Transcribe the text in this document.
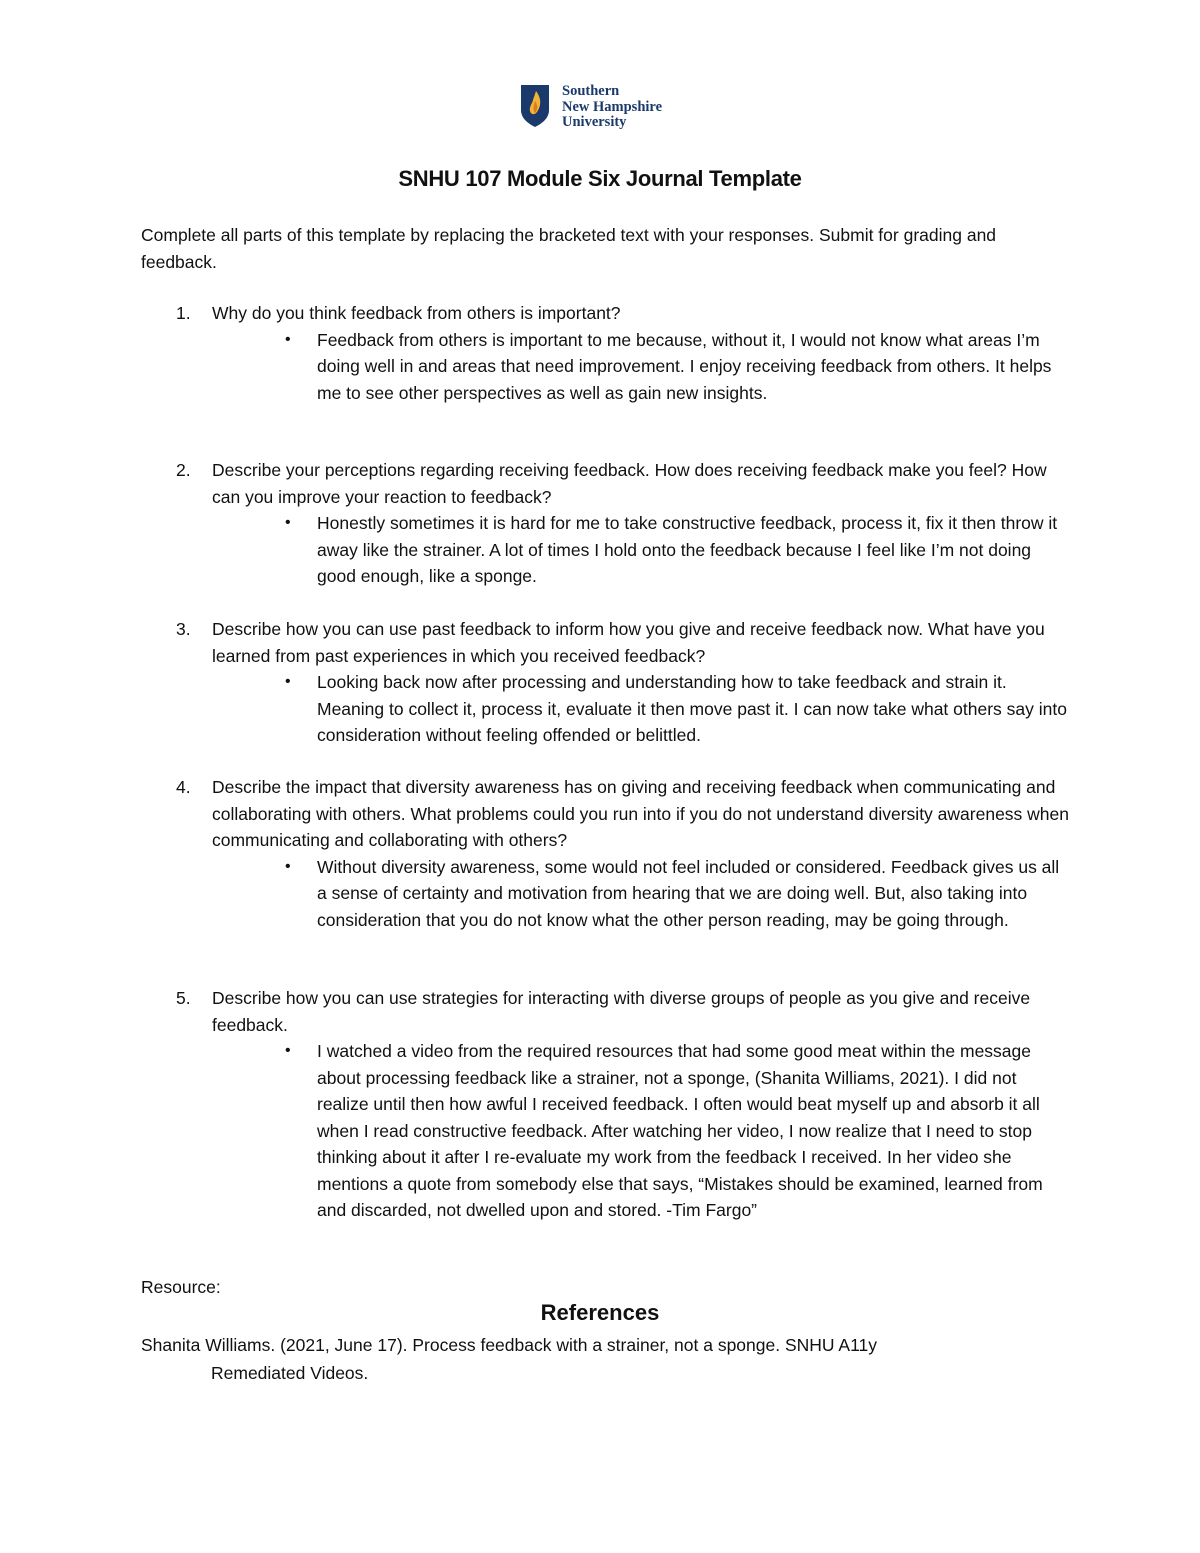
Southern
New Hampshire
University
SNHU 107 Module Six Journal Template
Complete all parts of this template by replacing the bracketed text with your responses. Submit for grading and feedback.
1. Why do you think feedback from others is important?
• Feedback from others is important to me because, without it, I would not know what areas I’m doing well in and areas that need improvement. I enjoy receiving feedback from others. It helps me to see other perspectives as well as gain new insights.
2. Describe your perceptions regarding receiving feedback. How does receiving feedback make you feel? How can you improve your reaction to feedback?
• Honestly sometimes it is hard for me to take constructive feedback, process it, fix it then throw it away like the strainer. A lot of times I hold onto the feedback because I feel like I’m not doing good enough, like a sponge.
3. Describe how you can use past feedback to inform how you give and receive feedback now. What have you learned from past experiences in which you received feedback?
• Looking back now after processing and understanding how to take feedback and strain it. Meaning to collect it, process it, evaluate it then move past it. I can now take what others say into consideration without feeling offended or belittled.
4. Describe the impact that diversity awareness has on giving and receiving feedback when communicating and collaborating with others. What problems could you run into if you do not understand diversity awareness when communicating and collaborating with others?
• Without diversity awareness, some would not feel included or considered. Feedback gives us all a sense of certainty and motivation from hearing that we are doing well. But, also taking into consideration that you do not know what the other person reading, may be going through.
5. Describe how you can use strategies for interacting with diverse groups of people as you give and receive feedback.
• I watched a video from the required resources that had some good meat within the message about processing feedback like a strainer, not a sponge, (Shanita Williams, 2021). I did not realize until then how awful I received feedback. I often would beat myself up and absorb it all when I read constructive feedback. After watching her video, I now realize that I need to stop thinking about it after I re-evaluate my work from the feedback I received. In her video she mentions a quote from somebody else that says, “Mistakes should be examined, learned from and discarded, not dwelled upon and stored. -Tim Fargo”
Resource:
References
Shanita Williams. (2021, June 17). Process feedback with a strainer, not a sponge. SNHU A11y
Remediated Videos.
